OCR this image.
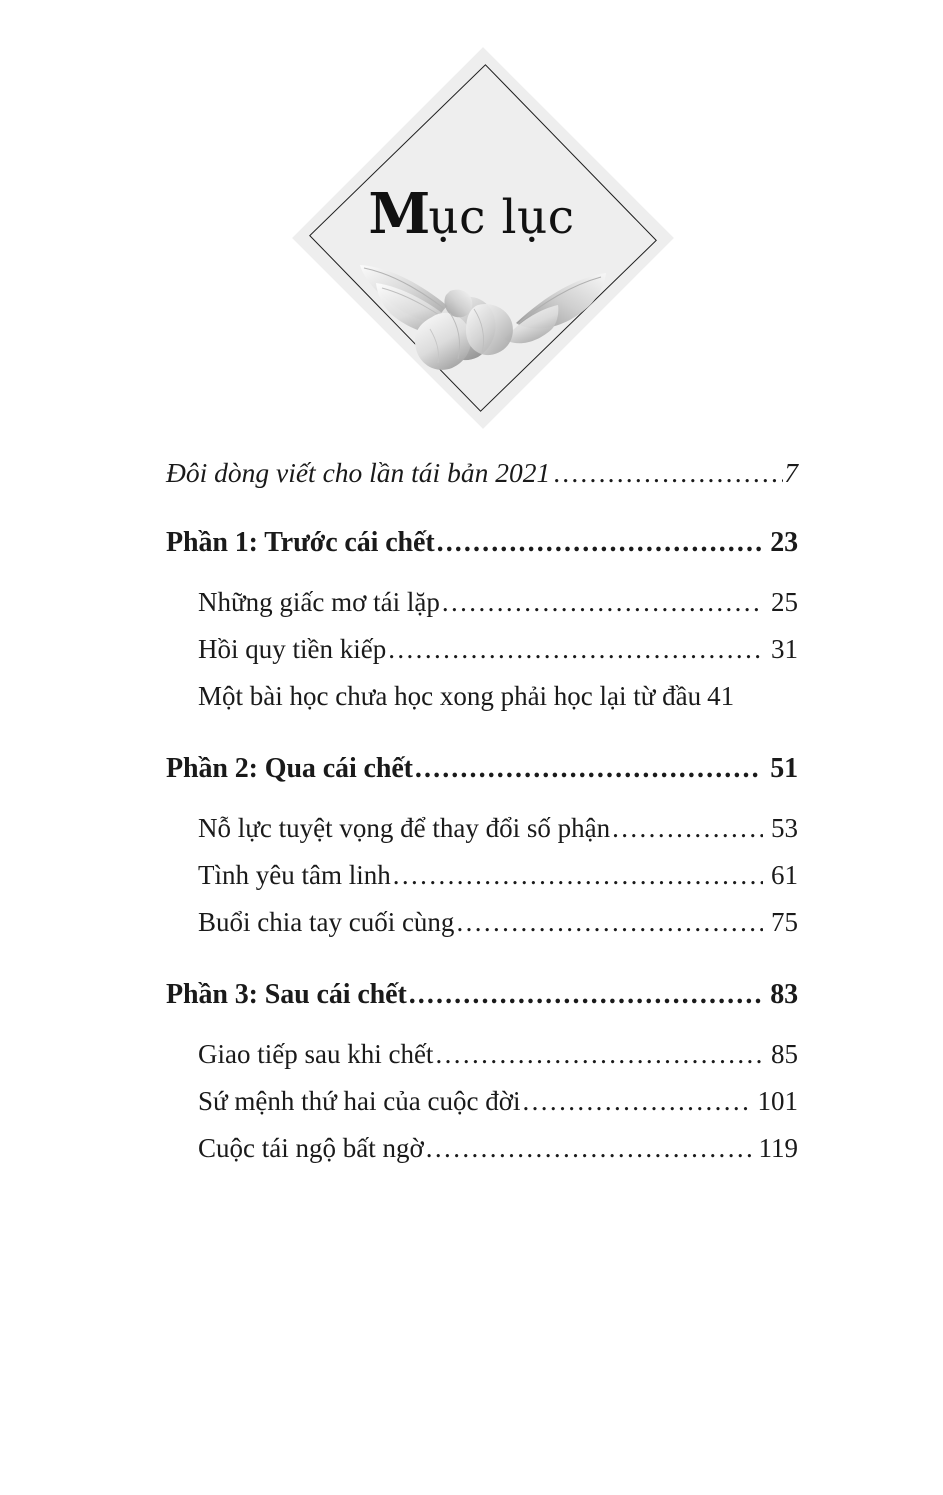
Mục lục
Đôi dòng viết cho lần tái bản 2021 .....	7
Phần 1: Trước cái chết .....	23
Những giấc mơ tái lặp .....	25
Hồi quy tiền kiếp .....	31
Một bài học chưa học xong phải học lại từ đầu 41
Phần 2: Qua cái chết .....	51
Nỗ lực tuyệt vọng để thay đổi số phận .....	53
Tình yêu tâm linh .....	61
Buổi chia tay cuối cùng .....	75
Phần 3: Sau cái chết .....	83
Giao tiếp sau khi chết .....	85
Sứ mệnh thứ hai của cuộc đời .....	101
Cuộc tái ngộ bất ngờ .....	119
